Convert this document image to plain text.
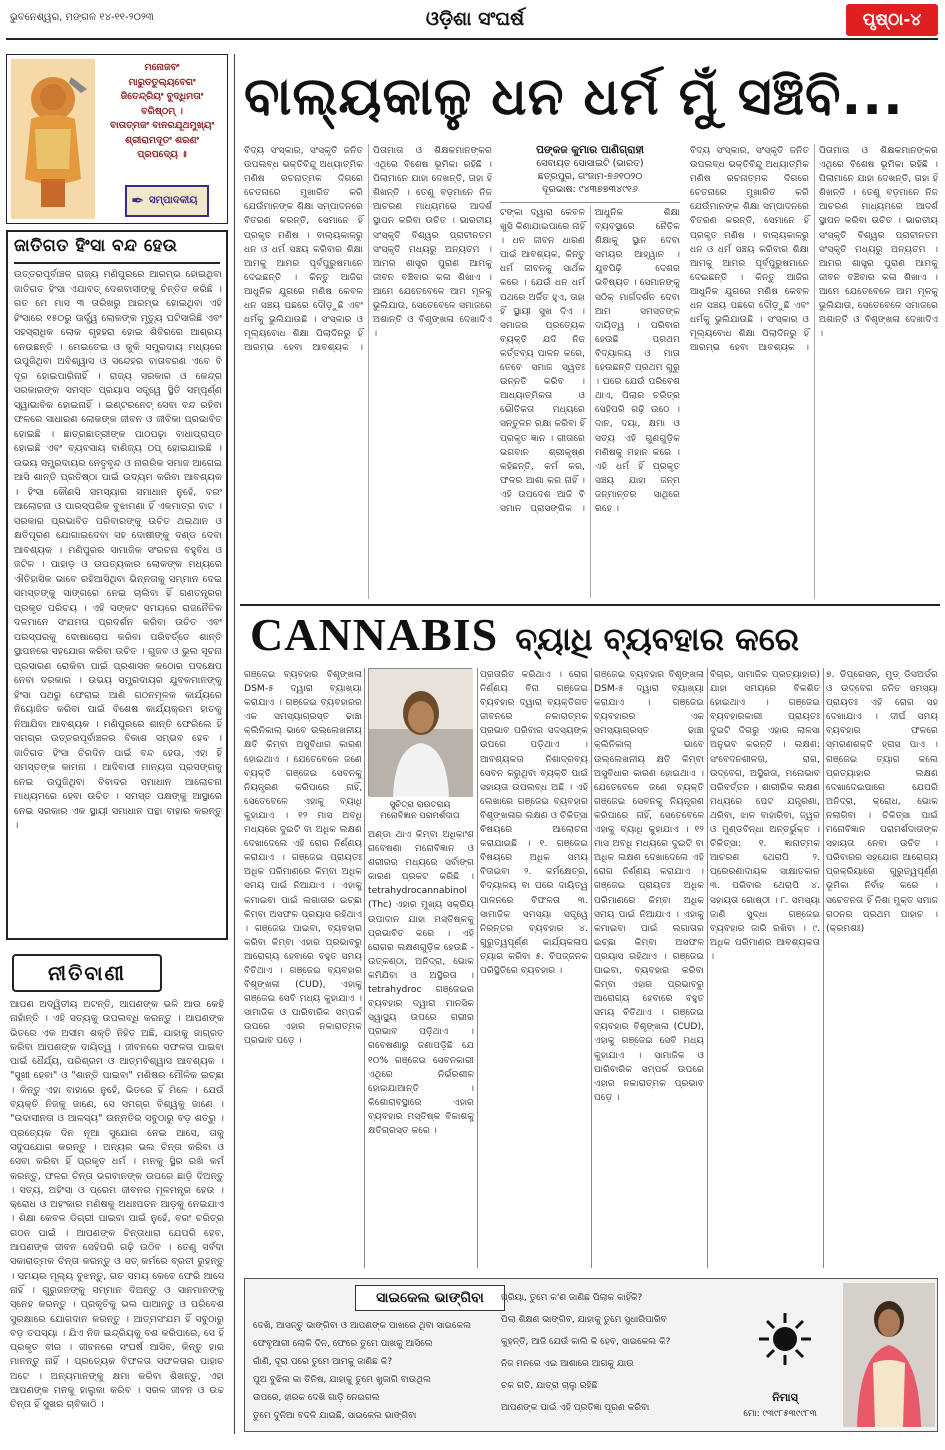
ଭୁବନେଶ୍ୱର, ମଙ୍ଗଳ ୧୪-୧୧-୨୦୨୩	ଓଡ଼ିଶା ସଂଘର୍ଷ	ପୃଷ୍ଠା-୪
ମନୋଜବଂ
ମାରୁତତୁଲ୍ୟବେଗଂ
ଜିତେନ୍ଦ୍ରିୟଂ ବୁଦ୍ଧିମତାଂ
ବରିଷ୍ଠମ୍ ।
ବାତାତ୍ମଜଂ ବାନରଯୂଥମୁଖ୍ୟଂ
ଶ୍ରୀରାମଦୂତଂ ଶରଣଂ
ପ୍ରପଦ୍ୟେ ॥
✒ ସମ୍ପାଦକୀୟ
ଜାତିଗତ ହିଂସା ବନ୍ଦ ହେଉ
ଉତ୍ତରପୂର୍ବାଞ୍ଚଳ ରାଜ୍ୟ ମଣିପୁରରେ ଆରମ୍ଭ ହୋଇଥିବା ଜାତିଗତ ହିଂସା ଏଯାବତ୍ ଦେଶବାସୀଙ୍କୁ ଚିନ୍ତିତ କରିଛି । ଗତ ମେ ମାସ ୩ ତାରିଖରୁ ଆରମ୍ଭ ହୋଇଥିବା ଏହି ହିଂସାରେ ୧୫୦ରୁ ଊର୍ଦ୍ଧ୍ୱ ଲୋକଙ୍କ ମୃତ୍ୟୁ ଘଟିସାରିଛି ଏବଂ ସହସ୍ରାଧିକ ଲୋକ ଗୃହହରା ହୋଇ ଶିବିରରେ ଆଶ୍ରୟ ନେଉଛନ୍ତି । ମେଇତେଇ ଓ କୁକି ସମ୍ପ୍ରଦାୟ ମଧ୍ୟରେ ଉପୁଜିଥିବା ଅବିଶ୍ୱାସ ଓ ସନ୍ଦେହର ବାତାବରଣ ଏବେ ବି ଦୂର ହୋଇପାରିନାହିଁ । ରାଜ୍ୟ ସରକାର ଓ କେନ୍ଦ୍ର ସରକାରଙ୍କ ସମସ୍ତ ପ୍ରୟାସ ସତ୍ତ୍ୱେ ସ୍ଥିତି ସମ୍ପୂର୍ଣ୍ଣ ସ୍ୱାଭାବିକ ହୋଇନାହିଁ । ଇଣ୍ଟରନେଟ୍ ସେବା ବନ୍ଦ ରହିବା ଫଳରେ ସାଧାରଣ ଲୋକଙ୍କ ଜୀବନ ଓ ଜୀବିକା ପ୍ରଭାବିତ ହୋଇଛି । ଛାତ୍ରଛାତ୍ରୀଙ୍କ ପାଠପଢ଼ା ବାଧାପ୍ରାପ୍ତ ହୋଇଛି ଏବଂ ବ୍ୟବସାୟ ବାଣିଜ୍ୟ ଠପ୍ ହୋଇଯାଇଛି । ଉଭୟ ସମ୍ପ୍ରଦାୟର ନେତୃବୃନ୍ଦ ଓ ନାଗରିକ ସମାଜ ଆଗେଇ ଆସି ଶାନ୍ତି ପ୍ରତିଷ୍ଠା ପାଇଁ ଉଦ୍ୟମ କରିବା ଆବଶ୍ୟକ । ହିଂସା କୌଣସି ସମସ୍ୟାର ସମାଧାନ ନୁହେଁ, ବରଂ ଆଲୋଚନା ଓ ପାରସ୍ପରିକ ବୁଝାମଣା ହିଁ ଏକମାତ୍ର ବାଟ । ସରକାର ପ୍ରଭାବିତ ପରିବାରଙ୍କୁ ଉଚିତ ଥଇଥାନ ଓ କ୍ଷତିପୂରଣ ଯୋଗାଇଦେବା ସହ ଦୋଷୀଙ୍କୁ ଦଣ୍ଡ ଦେବା ଆବଶ୍ୟକ । ମଣିପୁରର ସାମାଜିକ ସଂରଚନା ବହୁବିଧ ଓ ଜଟିଳ । ପାହାଡ଼ ଓ ଉପତ୍ୟକାର ଲୋକଙ୍କ ମଧ୍ୟରେ ଐତିହାସିକ ଭାବେ ରହିଆସିଥିବା ଭିନ୍ନତାକୁ ସମ୍ମାନ ଦେଇ ସମସ୍ତଙ୍କୁ ସାଙ୍ଗରେ ନେଇ ଚାଲିବା ହିଁ ଗଣତନ୍ତ୍ରର ପ୍ରକୃତ ପରିଚୟ । ଏହି ସଙ୍କଟ ସମୟରେ ରାଜନୈତିକ ଦଳମାନେ ସଂଯମତା ପ୍ରଦର୍ଶନ କରିବା ଉଚିତ ଏବଂ ପରସ୍ପରକୁ ଦୋଷାରୋପ କରିବା ପରିବର୍ତ୍ତେ ଶାନ୍ତି ସ୍ଥାପନରେ ସହଯୋଗ କରିବା ଉଚିତ । ଗୁଜବ ଓ ଭୁଲ ସୂଚନା ପ୍ରସାରଣ ରୋକିବା ପାଇଁ ପ୍ରଶାସନ କଠୋର ପଦକ୍ଷେପ ନେବା ଦରକାର । ଉଭୟ ସମ୍ପ୍ରଦାୟର ଯୁବକମାନଙ୍କୁ ହିଂସା ପଥରୁ ଫେରାଇ ଆଣି ଗଠନମୂଳକ କାର୍ଯ୍ୟରେ ନିୟୋଜିତ କରିବା ପାଇଁ ବିଶେଷ କାର୍ଯ୍ୟକ୍ରମ ହାତକୁ ନିଆଯିବା ଆବଶ୍ୟକ । ମଣିପୁରରେ ଶାନ୍ତି ଫେରିଲେ ହିଁ ସମଗ୍ର ଉତ୍ତରପୂର୍ବାଞ୍ଚଳର ବିକାଶ ସମ୍ଭବ ହେବ । ଜାତିଗତ ହିଂସା ଚିରଦିନ ପାଇଁ ବନ୍ଦ ହେଉ, ଏହା ହିଁ ସମସ୍ତଙ୍କ କାମନା । ଆଦିବାସୀ ମାନ୍ୟତା ପ୍ରସଙ୍ଗକୁ ନେଇ ଉପୁଜିଥିବା ବିବାଦର ସମାଧାନ ଆଲୋଚନା ମାଧ୍ୟମରେ ହେବା ଉଚିତ । ସମସ୍ତ ପକ୍ଷଙ୍କୁ ଆସ୍ଥାରେ ନେଇ ସରକାର ଏକ ସ୍ଥାୟୀ ସମାଧାନ ପନ୍ଥା ବାହାର କରନ୍ତୁ ।
ନୀତିବାଣୀ
ଆପଣ ଅଦ୍ୱିତୀୟ ଅଟନ୍ତି, ଆପଣଙ୍କ ଭଳି ଆଉ କେହି ନାହାଁନ୍ତି । ଏହି ସତ୍ୟକୁ ଉପଲବ୍ଧି କରନ୍ତୁ । ଆପଣଙ୍କ ଭିତରେ ଏକ ଅସୀମ ଶକ୍ତି ନିହିତ ଅଛି, ଯାହାକୁ ଜାଗ୍ରତ କରିବା ଆପଣଙ୍କ ଦାୟିତ୍ୱ । ଜୀବନରେ ସଫଳତା ପାଇବା ପାଇଁ ଧୈର୍ଯ୍ୟ, ପରିଶ୍ରମ ଓ ଆତ୍ମବିଶ୍ୱାସ ଆବଶ୍ୟକ । "ସୁଖୀ ହେବା" ଓ "ଶାନ୍ତି ପାଇବା" ମଣିଷର ମୌଳିକ ଇଚ୍ଛା । କିନ୍ତୁ ଏହା ବାହାରେ ନୁହେଁ, ଭିତରେ ହିଁ ମିଳେ । ଯେଉଁ ବ୍ୟକ୍ତି ନିଜକୁ ଜାଣେ, ସେ ସମଗ୍ର ବିଶ୍ୱକୁ ଜାଣେ । "ଉଦାସୀନତା ଓ ଆଳସ୍ୟ" ଉନ୍ନତିର ସବୁଠାରୁ ବଡ଼ ଶତ୍ରୁ । ପ୍ରତ୍ୟେକ ଦିନ ନୂଆ ସୁଯୋଗ ନେଇ ଆସେ, ତାକୁ ସଦୁପଯୋଗ କରନ୍ତୁ । ଅନ୍ୟର ଭଲ ଚିନ୍ତା କରିବା ଓ ସେବା କରିବା ହିଁ ପ୍ରକୃତ ଧର୍ମ । ମନକୁ ସ୍ଥିର ରଖି କର୍ମ କରନ୍ତୁ, ଫଳର ଚିନ୍ତା ଭଗବାନଙ୍କ ଉପରେ ଛାଡ଼ି ଦିଅନ୍ତୁ । ସତ୍ୟ, ଅହିଂସା ଓ ପ୍ରେମ ଜୀବନର ମୂଳମନ୍ତ୍ର ହେଉ । କ୍ରୋଧ ଓ ଅହଂକାର ମଣିଷକୁ ଅଧଃପତନ ଆଡ଼କୁ ନେଇଯାଏ । ଶିକ୍ଷା କେବଳ ଡିଗ୍ରୀ ପାଇବା ପାଇଁ ନୁହେଁ, ବରଂ ଚରିତ୍ର ଗଠନ ପାଇଁ । ଆପଣଙ୍କ ଚିନ୍ତାଧାରା ଯେପରି ହେବ, ଆପଣଙ୍କ ଜୀବନ ସେହିପରି ଗଢ଼ି ଉଠିବ । ତେଣୁ ସର୍ବଦା ସକାରାତ୍ମକ ଚିନ୍ତା କରନ୍ତୁ ଓ ସତ୍ କର୍ମରେ ବ୍ରତୀ ରୁହନ୍ତୁ । ସମୟର ମୂଲ୍ୟ ବୁଝନ୍ତୁ, ଗତ ସମୟ କେବେ ଫେରି ଆସେ ନାହିଁ । ଗୁରୁଜନଙ୍କୁ ସମ୍ମାନ ଦିଅନ୍ତୁ ଓ ସାନମାନଙ୍କୁ ସ୍ନେହ କରନ୍ତୁ । ପ୍ରକୃତିକୁ ଭଲ ପାଆନ୍ତୁ ଓ ପରିବେଶ ସୁରକ୍ଷାରେ ଯୋଗଦାନ କରନ୍ତୁ । ଆତ୍ମସଂଯମ ହିଁ ସବୁଠାରୁ ବଡ଼ ତପସ୍ୟା । ଯିଏ ନିଜ ଇନ୍ଦ୍ରିୟକୁ ବଶ କରିପାରେ, ସେ ହିଁ ପ୍ରକୃତ ବୀର । ଜୀବନରେ ସଂଘର୍ଷ ଆସିବ, କିନ୍ତୁ ହାର ମାନନ୍ତୁ ନାହିଁ । ପ୍ରତ୍ୟେକ ବିଫଳତା ସଫଳତାର ପାହାଚ ଅଟେ । ଅନ୍ୟମାନଙ୍କୁ କ୍ଷମା କରିବା ଶିଖନ୍ତୁ, ଏହା ଆପଣଙ୍କ ମନକୁ ହାଲୁକା କରିବ । ସରଳ ଜୀବନ ଓ ଉଚ୍ଚ ଚିନ୍ତା ହିଁ ସୁଖର ଚାବିକାଠି ।
ବାଲ୍ୟକାଳୁ ଧନ ଧର୍ମ ମୁଁ ସଞ୍ଚିବି...
ବିଦ୍ୟ ସଂସ୍କାର, ସଂସ୍କୃତି ଜନିତ ଉପଲବ୍ଧ ଭକ୍ତିବିନ୍ଦୁ ଅଧ୍ୟାତ୍ମିକ ମଣିଷ ରଚନାତ୍ମକ ଦିଗରେ ଚେତନାରେ ମୁଖାରିତ କରି ଯେଉଁମାନଙ୍କ ଶିକ୍ଷା ସମ୍ପାଦନରେ ବିତରଣ କରନ୍ତି, ସେମାନେ ହିଁ ପ୍ରକୃତ ମଣିଷ । ବାଲ୍ୟକାଳରୁ ଧନ ଓ ଧର୍ମ ସଞ୍ଚୟ କରିବାର ଶିକ୍ଷା ଆମକୁ ଆମର ପୂର୍ବପୁରୁଷମାନେ ଦେଇଛନ୍ତି । କିନ୍ତୁ ଆଜିର ଆଧୁନିକ ଯୁଗରେ ମଣିଷ କେବଳ ଧନ ସଞ୍ଚୟ ପଛରେ ଦୌଡ଼ୁଛି ଏବଂ ଧର୍ମକୁ ଭୁଲିଯାଉଛି । ସଂସ୍କାର ଓ ମୂଲ୍ୟବୋଧ ଶିକ୍ଷା ପିଲାଦିନରୁ ହିଁ ଆରମ୍ଭ ହେବା ଆବଶ୍ୟକ । ପିତାମାତା ଓ ଶିକ୍ଷକମାନଙ୍କର ଏଥିରେ ବିଶେଷ ଭୂମିକା ରହିଛି । ପିଲାମାନେ ଯାହା ଦେଖନ୍ତି, ତାହା ହିଁ ଶିଖନ୍ତି । ତେଣୁ ବଡ଼ମାନେ ନିଜ ଆଚରଣ ମାଧ୍ୟମରେ ଆଦର୍ଶ ସ୍ଥାପନ କରିବା ଉଚିତ । ଭାରତୀୟ ସଂସ୍କୃତି ବିଶ୍ୱର ପ୍ରାଚୀନତମ ସଂସ୍କୃତି ମଧ୍ୟରୁ ଅନ୍ୟତମ । ଆମର ଶାସ୍ତ୍ର ପୁରାଣ ଆମକୁ ଜୀବନ ବଞ୍ଚିବାର କଳା ଶିଖାଏ । ଆମେ ଯେତେବେଳେ ଆମ ମୂଳକୁ ଭୁଲିଯାଉ, ସେତେବେଳେ ସମାଜରେ ଅଶାନ୍ତି ଓ ବିଶୃଙ୍ଖଳା ଦେଖାଦିଏ ।
ପଙ୍କଜ କୁମାର ପାଣିଗ୍ରାହୀ
ସେବାୟତ ସୋସାଇଟି (ଭାରତ)
ଛତ୍ରପୁର, ଗଂଜାମ-୭୬୧୦୨୦
ଦୂରଭାଷ: ୯୪୩୭୭୩୪୯୧୬
ଟଙ୍କା ଦ୍ୱାରା କେବଳ ଖୁସି କିଣାଯାଇପାରେ ନାହିଁ । ଧନ ଜୀବନ ଧାରଣ ପାଇଁ ଆବଶ୍ୟକ, କିନ୍ତୁ ଧର୍ମ ଜୀବନକୁ ସାର୍ଥକ କରେ । ଯେଉଁ ଧନ ଧର୍ମ ପଥରେ ଅର୍ଜିତ ହୁଏ, ତାହା ହିଁ ସ୍ଥାୟୀ ସୁଖ ଦିଏ । ସମାଜର ପ୍ରତ୍ୟେକ ବ୍ୟକ୍ତି ଯଦି ନିଜ କର୍ତ୍ତବ୍ୟ ପାଳନ କରେ, ତେବେ ସମାଜ ସ୍ୱତଃ ଉନ୍ନତି କରିବ । ଆଧ୍ୟାତ୍ମିକତା ଓ ଭୌତିକତା ମଧ୍ୟରେ ସନ୍ତୁଳନ ରକ୍ଷା କରିବା ହିଁ ପ୍ରକୃତ ଜ୍ଞାନ । ଗୀତାରେ ଭଗବାନ ଶ୍ରୀକୃଷ୍ଣ କହିଛନ୍ତି, କର୍ମ କର, ଫଳର ଆଶା କର ନାହିଁ । ଏହି ଉପଦେଶ ଆଜି ବି ସମାନ ପ୍ରାସଙ୍ଗିକ । ଆଧୁନିକ ଶିକ୍ଷା ବ୍ୟବସ୍ଥାରେ ନୈତିକ ଶିକ୍ଷାକୁ ସ୍ଥାନ ଦେବା ସମୟର ଆହ୍ୱାନ । ଯୁବପିଢ଼ି ଦେଶର ଭବିଷ୍ୟତ । ସେମାନଙ୍କୁ ସଠିକ୍ ମାର୍ଗଦର୍ଶନ ଦେବା ଆମ ସମସ୍ତଙ୍କ ଦାୟିତ୍ୱ । ପରିବାର ହେଉଛି ପ୍ରଥମ ବିଦ୍ୟାଳୟ ଓ ମାତା ହେଉଛନ୍ତି ପ୍ରଥମ ଗୁରୁ । ଘରେ ଯେଉଁ ପରିବେଶ ଥାଏ, ପିଲାର ଚରିତ୍ର ସେହିପରି ଗଢ଼ି ଉଠେ । ଦାନ, ଦୟା, କ୍ଷମା ଓ ସତ୍ୟ ଏହି ଗୁଣଗୁଡ଼ିକ ମଣିଷକୁ ମହାନ କରେ । ଏହି ଧର୍ମ ହିଁ ପ୍ରକୃତ ସଞ୍ଚୟ ଯାହା ଜନ୍ମ ଜନ୍ମାନ୍ତର ସାଥିରେ ରହେ ।
ବିଦ୍ୟ ସଂସ୍କାର, ସଂସ୍କୃତି ଜନିତ ଉପଲବ୍ଧ ଭକ୍ତିବିନ୍ଦୁ ଅଧ୍ୟାତ୍ମିକ ମଣିଷ ରଚନାତ୍ମକ ଦିଗରେ ଚେତନାରେ ମୁଖାରିତ କରି ଯେଉଁମାନଙ୍କ ଶିକ୍ଷା ସମ୍ପାଦନରେ ବିତରଣ କରନ୍ତି, ସେମାନେ ହିଁ ପ୍ରକୃତ ମଣିଷ । ବାଲ୍ୟକାଳରୁ ଧନ ଓ ଧର୍ମ ସଞ୍ଚୟ କରିବାର ଶିକ୍ଷା ଆମକୁ ଆମର ପୂର୍ବପୁରୁଷମାନେ ଦେଇଛନ୍ତି । କିନ୍ତୁ ଆଜିର ଆଧୁନିକ ଯୁଗରେ ମଣିଷ କେବଳ ଧନ ସଞ୍ଚୟ ପଛରେ ଦୌଡ଼ୁଛି ଏବଂ ଧର୍ମକୁ ଭୁଲିଯାଉଛି । ସଂସ୍କାର ଓ ମୂଲ୍ୟବୋଧ ଶିକ୍ଷା ପିଲାଦିନରୁ ହିଁ ଆରମ୍ଭ ହେବା ଆବଶ୍ୟକ । ପିତାମାତା ଓ ଶିକ୍ଷକମାନଙ୍କର ଏଥିରେ ବିଶେଷ ଭୂମିକା ରହିଛି । ପିଲାମାନେ ଯାହା ଦେଖନ୍ତି, ତାହା ହିଁ ଶିଖନ୍ତି । ତେଣୁ ବଡ଼ମାନେ ନିଜ ଆଚରଣ ମାଧ୍ୟମରେ ଆଦର୍ଶ ସ୍ଥାପନ କରିବା ଉଚିତ । ଭାରତୀୟ ସଂସ୍କୃତି ବିଶ୍ୱର ପ୍ରାଚୀନତମ ସଂସ୍କୃତି ମଧ୍ୟରୁ ଅନ୍ୟତମ । ଆମର ଶାସ୍ତ୍ର ପୁରାଣ ଆମକୁ ଜୀବନ ବଞ୍ଚିବାର କଳା ଶିଖାଏ । ଆମେ ଯେତେବେଳେ ଆମ ମୂଳକୁ ଭୁଲିଯାଉ, ସେତେବେଳେ ସମାଜରେ ଅଶାନ୍ତି ଓ ବିଶୃଙ୍ଖଳା ଦେଖାଦିଏ ।
CANNABIS ବ୍ୟାଧି ବ୍ୟବହାର କରେ
ଗଞ୍ଜେଇ ବ୍ୟବହାର ବିଶୃଙ୍ଖଳା DSM-୫ ଦ୍ୱାରା ବ୍ୟାଖ୍ୟା କରାଯାଏ । ଗଞ୍ଜେଇ ବ୍ୟବହାରର ଏକ ସମସ୍ୟାଗ୍ରସ୍ତ ଢାଞ୍ଚା କ୍ଲିନିକାଲ୍ ଭାବେ ଉଲ୍ଲେଖନୀୟ କ୍ଷତି କିମ୍ବା ଅସୁବିଧାର କାରଣ ହୋଇଥାଏ । ଯେତେବେଳେ ଜଣେ ବ୍ୟକ୍ତି ଗଞ୍ଜେଇ ସେବନକୁ ନିୟନ୍ତ୍ରଣ କରିପାରେ ନାହିଁ, ସେତେବେଳେ ଏହାକୁ ବ୍ୟାଧି କୁହାଯାଏ । ୧୨ ମାସ ଅବଧି ମଧ୍ୟରେ ଦୁଇଟି ବା ଅଧିକ ଲକ୍ଷଣ ଦେଖାଦେଲେ ଏହି ରୋଗ ନିର୍ଣ୍ଣୟ କରାଯାଏ । ଗଞ୍ଜେଇ ପ୍ରାୟତଃ ଅଧିକ ପରିମାଣରେ କିମ୍ବା ଅଧିକ ସମୟ ପାଇଁ ନିଆଯାଏ । ଏହାକୁ କମାଇବା ପାଇଁ ଲଗାତାର ଇଚ୍ଛା କିମ୍ବା ଅସଫଳ ପ୍ରୟାସ ରହିଥାଏ । ଗଞ୍ଜେଇ ପାଇବା, ବ୍ୟବହାର କରିବା କିମ୍ବା ଏହାର ପ୍ରଭାବରୁ ଆରୋଗ୍ୟ ହେବାରେ ବହୁତ ସମୟ ବିତିଥାଏ । ଗଞ୍ଜେଇ ବ୍ୟବହାର ବିଶୃଙ୍ଖଳା (CUD), ଏହାକୁ ଗଞ୍ଜେଇ ସେବି ମଧ୍ୟ କୁହାଯାଏ । ସାମାଜିକ ଓ ପାରିବାରିକ ସମ୍ପର୍କ ଉପରେ ଏହାର ନକାରାତ୍ମକ ପ୍ରଭାବ ପଡ଼େ ।
ସୁଚିତ୍ରା ରାଉତରାୟ
ମନୋବିଜ୍ଞାନ ପରାମର୍ଶଦାତା
ଅଣ୍ଡା ଥାଏ କିମ୍ବା ଅଧିକାଂଶ ଗବେଷଣା ମନୋବିଜ୍ଞାନ ଓ ଶରୀରର ମଧ୍ୟରେ ସର୍ବାଙ୍ଗ କାରଣ ପ୍ରକଟ କରିଛି । tetrahydrocannabinol (Thc) ଏହାର ମୁଖ୍ୟ ସକ୍ରିୟ ଉପାଦାନ ଯାହା ମସ୍ତିଷ୍କକୁ ପ୍ରଭାବିତ କରେ । ଏହି ରୋଗର ଲକ୍ଷଣଗୁଡ଼ିକ ହେଉଛି - ଉତ୍କଣ୍ଠା, ଅନିଦ୍ରା, ଭୋକ କମିଯିବା ଓ ଅସ୍ଥିରତା । tetrahydroc ଗଞ୍ଜେଇର ବ୍ୟବହାର ଦ୍ୱାରା ମାନସିକ ସ୍ୱାସ୍ଥ୍ୟ ଉପରେ ଗଭୀର ପ୍ରଭାବ ପଡ଼ିଥାଏ । ଗବେଷଣାରୁ ଜଣାପଡ଼ିଛି ଯେ ୧୦% ଗଞ୍ଜେଇ ସେବନକାରୀ ଏଥିରେ ନିର୍ଭରଶୀଳ ହୋଇଯାଆନ୍ତି । କିଶୋରାବସ୍ଥାରେ ଏହାର ବ୍ୟବହାର ମସ୍ତିଷ୍କ ବିକାଶକୁ କ୍ଷତିଗ୍ରସ୍ତ କରେ ।
ପ୍ରତାରିତ କରିଥାଏ । ରୋଗ ନିର୍ଣ୍ଣୟ ବିନା ଗଞ୍ଜେଇ ବ୍ୟବହାର ଦ୍ୱାରା ବ୍ୟକ୍ତିଗତ ଜୀବନରେ ନକାରାତ୍ମକ ପ୍ରଭାବ ପରିବାର ସଦସ୍ୟଙ୍କ ଉପରେ ପଡ଼ିଥାଏ । ଆବଶ୍ୟକତା ନିଶାଦ୍ରବ୍ୟ ସେବନ କରୁଥିବା ବ୍ୟକ୍ତି ପାଇଁ ସହାୟତା ଉପଲବ୍ଧ ଅଛି । ଏହି ଲେଖାରେ ଗଞ୍ଜେଇ ବ୍ୟବହାର ବିଶୃଙ୍ଖଳାର ଲକ୍ଷଣ ଓ ଚିକିତ୍ସା ବିଷୟରେ ଆଲୋଚନା କରାଯାଇଛି । ୧. ଗଞ୍ଜେଇ ବିଷୟରେ ଅଧିକ ସମୟ ବିତାଇବା ୨. କର୍ମକ୍ଷେତ୍ର, ବିଦ୍ୟାଳୟ ବା ଘରେ ଦାୟିତ୍ୱ ପାଳନରେ ବିଫଳତା ୩. ସାମାଜିକ ସମସ୍ୟା ସତ୍ତ୍ୱେ ନିରନ୍ତର ବ୍ୟବହାର ୪. ଗୁରୁତ୍ୱପୂର୍ଣ୍ଣ କାର୍ଯ୍ୟକଳାପ ତ୍ୟାଗ କରିବା ୫. ବିପଜ୍ଜନକ ପରିସ୍ଥିତିରେ ବ୍ୟବହାର ।
ଗଞ୍ଜେଇ ବ୍ୟବହାର ବିଶୃଙ୍ଖଳା DSM-୫ ଦ୍ୱାରା ବ୍ୟାଖ୍ୟା କରାଯାଏ । ଗଞ୍ଜେଇ ବ୍ୟବହାରର ଏକ ସମସ୍ୟାଗ୍ରସ୍ତ ଢାଞ୍ଚା କ୍ଲିନିକାଲ୍ ଭାବେ ଉଲ୍ଲେଖନୀୟ କ୍ଷତି କିମ୍ବା ଅସୁବିଧାର କାରଣ ହୋଇଥାଏ । ଯେତେବେଳେ ଜଣେ ବ୍ୟକ୍ତି ଗଞ୍ଜେଇ ସେବନକୁ ନିୟନ୍ତ୍ରଣ କରିପାରେ ନାହିଁ, ସେତେବେଳେ ଏହାକୁ ବ୍ୟାଧି କୁହାଯାଏ । ୧୨ ମାସ ଅବଧି ମଧ୍ୟରେ ଦୁଇଟି ବା ଅଧିକ ଲକ୍ଷଣ ଦେଖାଦେଲେ ଏହି ରୋଗ ନିର୍ଣ୍ଣୟ କରାଯାଏ । ଗଞ୍ଜେଇ ପ୍ରାୟତଃ ଅଧିକ ପରିମାଣରେ କିମ୍ବା ଅଧିକ ସମୟ ପାଇଁ ନିଆଯାଏ । ଏହାକୁ କମାଇବା ପାଇଁ ଲଗାତାର ଇଚ୍ଛା କିମ୍ବା ଅସଫଳ ପ୍ରୟାସ ରହିଥାଏ । ଗଞ୍ଜେଇ ପାଇବା, ବ୍ୟବହାର କରିବା କିମ୍ବା ଏହାର ପ୍ରଭାବରୁ ଆରୋଗ୍ୟ ହେବାରେ ବହୁତ ସମୟ ବିତିଥାଏ । ଗଞ୍ଜେଇ ବ୍ୟବହାର ବିଶୃଙ୍ଖଳା (CUD), ଏହାକୁ ଗଞ୍ଜେଇ ସେବି ମଧ୍ୟ କୁହାଯାଏ । ସାମାଜିକ ଓ ପାରିବାରିକ ସମ୍ପର୍କ ଉପରେ ଏହାର ନକାରାତ୍ମକ ପ୍ରଭାବ ପଡ଼େ ।
ବିଚାର, ସାମାଜିକ ପ୍ରତ୍ୟାହାର) ଯାହା ସମୟରେ ବିକଶିତ ହୋଇଥାଏ । ଗଞ୍ଜେଇ ବ୍ୟବହାରକାରୀ ପ୍ରାୟତଃ ଦୁଇଟି ଦିଗରୁ ଏହାର ଲାଳସା ଅନୁଭବ କରନ୍ତି । ଲକ୍ଷଣ: ସଂବେଦନଶୀଳତା, ରାଗ, ଉଦ୍ବେଗ, ଅସ୍ଥିରତା, ମନୋଭାବ ପରିବର୍ତ୍ତନ । ଶାରୀରିକ ଲକ୍ଷଣ ମଧ୍ୟରେ ପେଟ ଯନ୍ତ୍ରଣା, ଥରିବା, ଝାଳ ବାହାରିବା, ଜ୍ୱର ଓ ମୁଣ୍ଡବିନ୍ଧା ଅନ୍ତର୍ଭୁକ୍ତ । ଚିକିତ୍ସା: ୧. ଜ୍ଞାନାତ୍ମକ ଆଚରଣ ଥେରାପି ୨. ପ୍ରେରଣାଦାୟକ ସାକ୍ଷାତକାର ୩. ପରିବାର ଥେରାପି ୪. ସହାୟତା ଗୋଷ୍ଠୀ । ୮. ସମସ୍ୟା ଜାଣି ସୁଦ୍ଧା ଗଞ୍ଜେଇ ବ୍ୟବହାର ଜାରି ରଖିବା । ୯. ଅଧିକ ପରିମାଣର ଆବଶ୍ୟକତା ।
୭. ଡିପ୍ରେସନ୍, ମୁଡ୍ ଡିସଅର୍ଡର ଓ ଉଦ୍ବେଗ ଜନିତ ସମସ୍ୟା ପ୍ରାୟତଃ ଏହି ରୋଗ ସହ ଦେଖାଯାଏ । ଦୀର୍ଘ ସମୟ ବ୍ୟବହାର ଫଳରେ ସ୍ମରଣଶକ୍ତି ହ୍ରାସ ପାଏ । ଗଞ୍ଜେଇ ତ୍ୟାଗ କଲେ ପ୍ରତ୍ୟାହାର ଲକ୍ଷଣ ଦେଖାଦେଇପାରେ ଯେପରି ଅନିଦ୍ରା, କ୍ରୋଧ, ଭୋକ ନଲାଗିବା । ଚିକିତ୍ସା ପାଇଁ ମନୋବିଜ୍ଞାନ ପରାମର୍ଶଦାତାଙ୍କ ସହାୟତା ନେବା ଉଚିତ । ପରିବାରର ସହଯୋଗ ଆରୋଗ୍ୟ ପ୍ରକ୍ରିୟାରେ ଗୁରୁତ୍ୱପୂର୍ଣ୍ଣ ଭୂମିକା ନିର୍ବାହ କରେ । ସଚେତନତା ହିଁ ନିଶା ମୁକ୍ତ ସମାଜ ଗଠନର ପ୍ରଥମ ପାହାଚ । (କ୍ରମଶଃ)
ସାଇକେଲ ଭାଙ୍ଗିବା
ଦେଖି, ଆସନ୍ତୁ ଭାଙ୍ଗିବା ଓ ଆପଣଙ୍କ ପାଖରେ ଥିବା ସାଇକେଲ
ଫେବୃଆରୀ ଲୋକି ଦିନ, ଫେରେ ତୁମେ ପାଖକୁ ଆସିଲେ
ଗାଁଣି, ଦୂରା ପରେ ତୁମେ ଆମକୁ ଜାଣିଛ କି?
ପୁଅ ବୁଝିଲ କା ତିନିଷ, ଯାହାକୁ ତୁମେ ଖୁଜାଗି ବାଉଥିଲ
ଉପରେ, ହୀରକ ଦେଖି ଗାଡ଼ି ନେଇଗଲ
ତୁମେ ଦୁନିଆ ବଦଳି ଯାଇଛି, ସାଇକେଲ ଭାଙ୍ଗିବା
ପ୍ରିୟା, ତୁମେ କ'ଣ ଜାଣିଛ ପିଲାକ କାହିଁକି?
ପିଲା ଶିକ୍ଷଣ ଭାଙ୍ଗିବ, ଯାହାକୁ ତୁମେ ସୁଧାରିପାରିବ
କୁହନ୍ତି, ଆଜି ଯେଉଁ କାଲି କି ହେବ, ସାଇକେଲ କି?
ନିଜ ମନରେ ଏଇ ଆଶାରେ ଆଗକୁ ଯାଉ
ଚକ ଗତି, ଯାତ୍ରା ଚାଲୁ ରହିଛି
ଆପଣଙ୍କ ପାଇଁ ଏହି ପ୍ରତିଜ୍ଞା ପୂରଣ କରିବା
ନିମାସ୍
ମୋ: ୯୩୯୮୫୩୯୯୮୩
